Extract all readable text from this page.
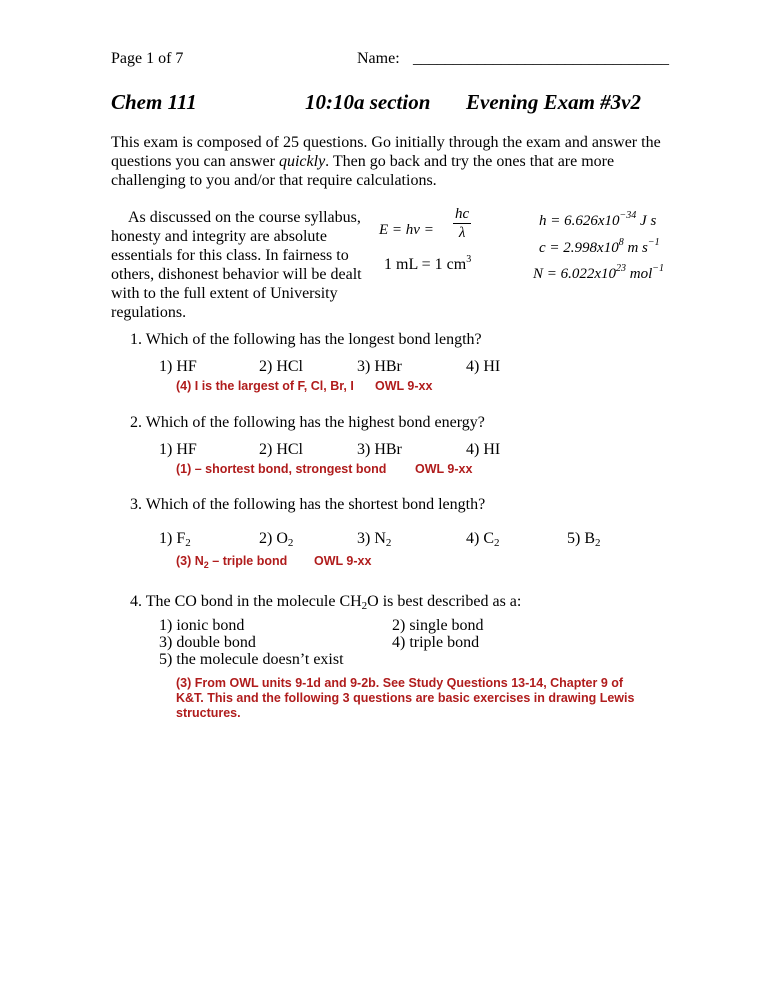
Page 1 of 7	Name: ________________________________
Chem 111	10:10a section Evening Exam #3v2
This exam is composed of 25 questions. Go initially through the exam and answer the
questions you can answer quickly. Then go back and try the ones that are more
challenging to you and/or that require calculations.
As discussed on the course syllabus,
honesty and integrity are absolute
essentials for this class. In fairness to
others, dishonest behavior will be dealt
with to the full extent of University
regulations.
$E = h\nu = \frac{hc}{\lambda}$
1 mL = 1 $cm^3$
$h = 6.626x10^{-34}$ J s
$c = 2.998x10^8$ m $s^{-1}$
$N = 6.022x10^{23}$ mol$^{-1}$
1. Which of the following has the longest bond length?
1) HF	2) HCl	3) HBr	4) HI
(4) I is the largest of F, Cl, Br, I OWL 9-xx
2. Which of the following has the highest bond energy?
1) HF	2) HCl	3) HBr	4) HI
(1) – shortest bond, strongest bond OWL 9-xx
3. Which of the following has the shortest bond length?
1) $F_2$	2) $O_2$	3) $N_2$	4) $C_2$	5) $B_2$
(3) $N_2$ – triple bond OWL 9-xx
4. The CO bond in the molecule $CH_2O$ is best described as a:
1) ionic bond	2) single bond
3) double bond	4) triple bond
5) the molecule doesn’t exist
(3) From OWL units 9-1d and 9-2b. See Study Questions 13-14, Chapter 9 of
K&T. This and the following 3 questions are basic exercises in drawing Lewis
structures.
